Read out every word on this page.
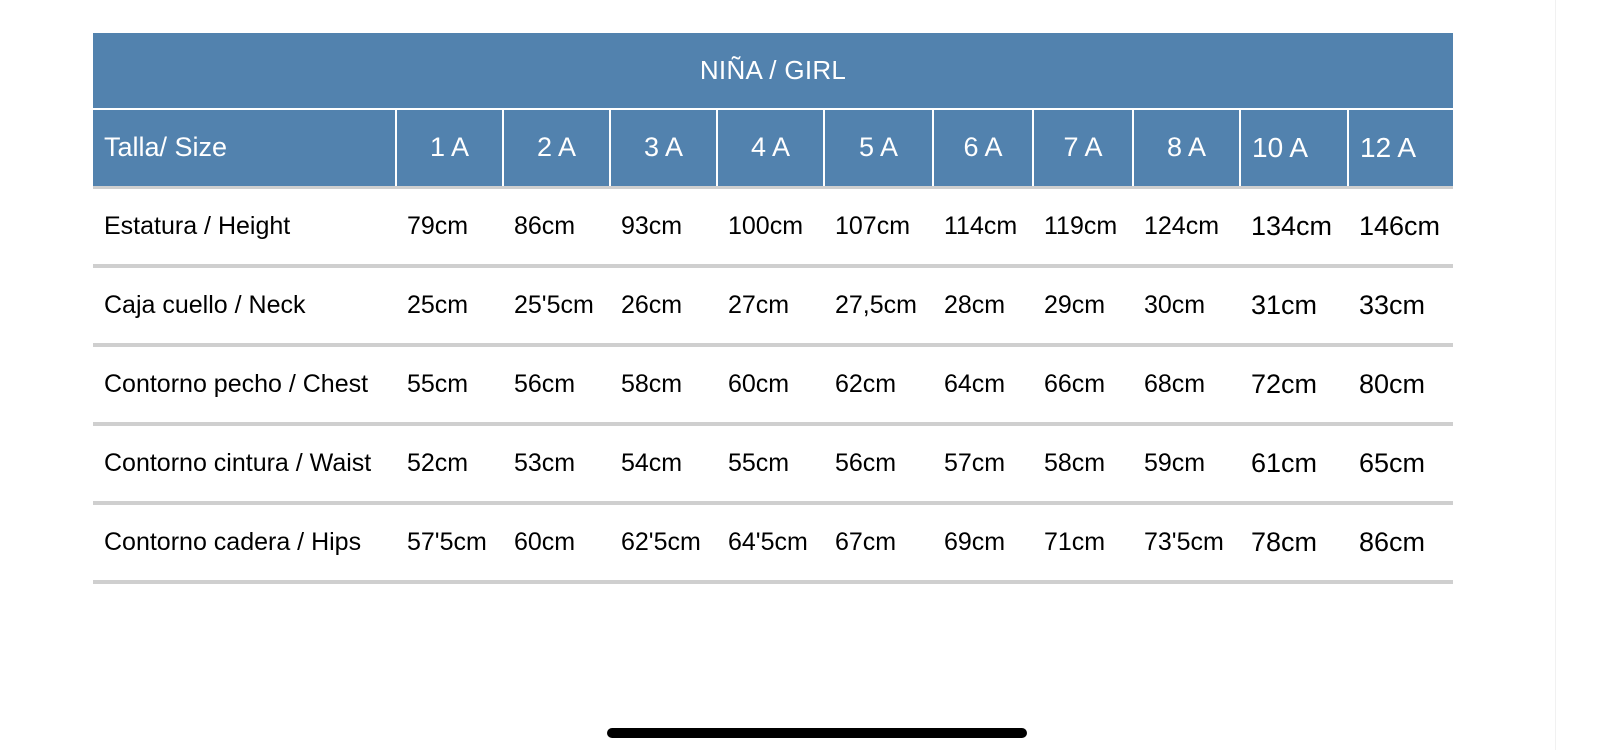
NIÑA / GIRL										
Talla/ Size	1 A	2 A	3 A	4 A	5 A	6 A	7 A	8 A	10 A	12 A
Estatura / Height	79cm	86cm	93cm	100cm	107cm	114cm	119cm	124cm	134cm	146cm
Caja cuello / Neck	25cm	25'5cm	26cm	27cm	27,5cm	28cm	29cm	30cm	31cm	33cm
Contorno pecho / Chest	55cm	56cm	58cm	60cm	62cm	64cm	66cm	68cm	72cm	80cm
Contorno cintura / Waist	52cm	53cm	54cm	55cm	56cm	57cm	58cm	59cm	61cm	65cm
Contorno cadera / Hips	57'5cm	60cm	62'5cm	64'5cm	67cm	69cm	71cm	73'5cm	78cm	86cm
